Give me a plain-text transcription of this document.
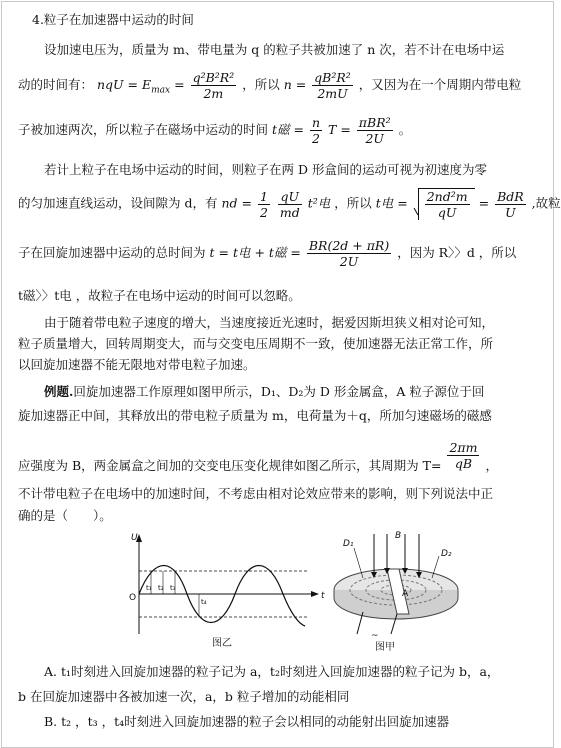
4.粒子在加速器中运动的时间
设加速电压为，质量为 m、带电量为 q 的粒子共被加速了 n 次，若不计在电场中运
动的时间有： nqU = $E_{max} = \frac{\text{q²B²R²}}{2m}$ ，所以 $n = \frac{\text{qB²R²}}{2mU}$ ，又因为在一个周期内带电粒
子被加速两次，所以粒子在磁场中运动的时间 t磁 = $\frac{n}{2}$ $T = \frac{\text{πBR²}}{2U}$ 。
若计上粒子在电场中运动的时间，则粒子在两 D 形盒间的运动可视为初速度为零
的匀加速直线运动，设间隙为 d，有 nd = $\frac{1}{2}$
$\frac{qU}{md} t^2$电 ，所以 t电 = $\frac{\text{2nd²m}}{qU} = \frac{\text{BdR}}{U}$ ,故粒
子在回旋加速器中运动的总时间为 t = t电 + t磁 = $\frac{BR(2d + \pi R)}{2U}$ ，因为 R〉〉d ，所以
t磁〉〉t电 ，故粒子在电场中运动的时间可以忽略。
由于随着带电粒子速度的增大，当速度接近光速时，据爱因斯坦狭义相对论可知，
粒子质量增大，回转周期变大，而与交变电压周期不一致，使加速器无法正常工作，所
以回旋加速器不能无限地对带电粒子加速。
例题.回旋加速器工作原理如图甲所示，D₁、D₂为 D 形金属盒，A 粒子源位于回
旋加速器正中间，其释放出的带电粒子质量为 m，电荷量为＋q，所加匀速磁场的磁感
应强度为 B，两金属盒之间加的交变电压变化规律如图乙所示，其周期为 $T= \frac{2\pi m}{qB}$ ，
不计带电粒子在电场中的加速时间，不考虑由相对论效应带来的影响，则下列说法中正
确的是（　　）。
U
t
O
t₁ t₂ t₃
t₄
图乙
D₁
D₂
B
A
~
图甲
A. t₁时刻进入回旋加速器的粒子记为 a，t₂时刻进入回旋加速器的粒子记为 b，a，
b 在回旋加速器中各被加速一次，a，b 粒子增加的动能相同
B. t₂ ，t₃ ，t₄时刻进入回旋加速器的粒子会以相同的动能射出回旋加速器
